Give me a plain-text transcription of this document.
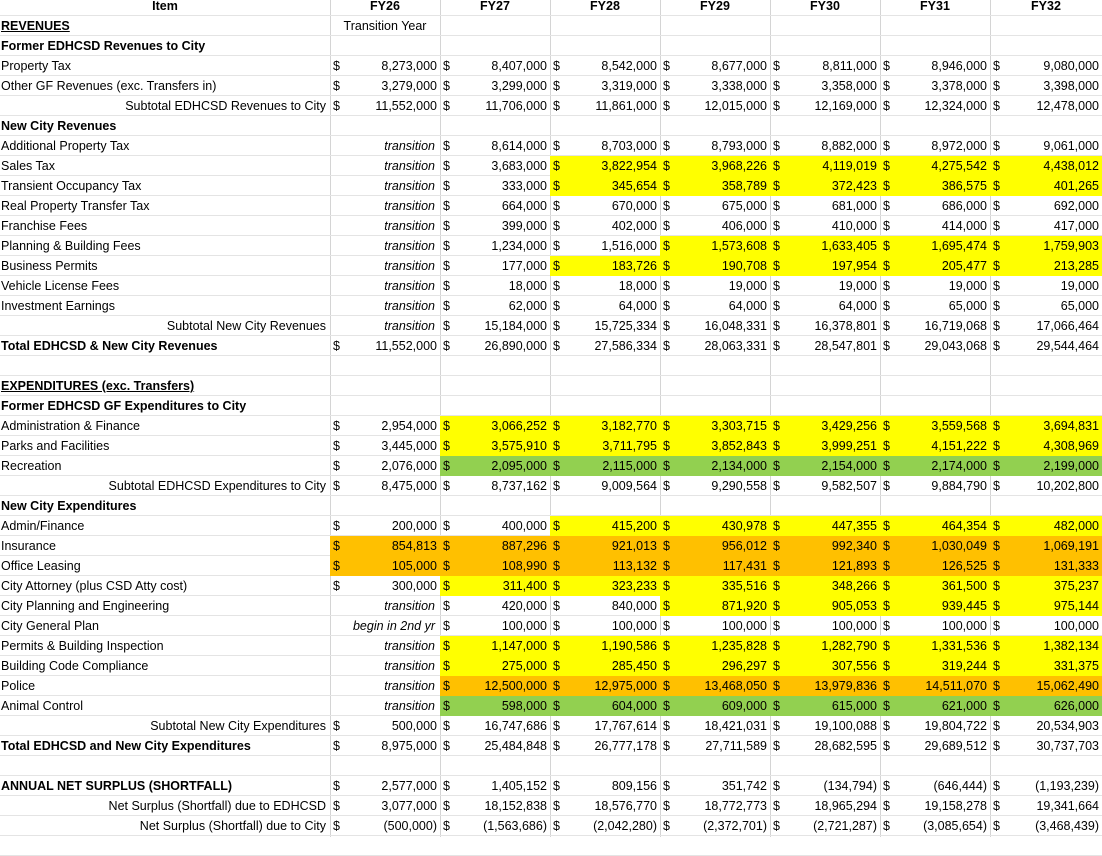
Item	FY26	FY27	FY28	FY29	FY30	FY31	FY32
REVENUES	Transition Year
Former EDHCSD Revenues to City
Property Tax	$	8,273,000 $	8,407,000 $	8,542,000 $	8,677,000 $	8,811,000 $	8,946,000 $	9,080,000
Other GF Revenues (exc. Transfers in)	$	3,279,000 $	3,299,000 $	3,319,000 $	3,338,000 $	3,358,000 $	3,378,000 $	3,398,000
Subtotal EDHCSD Revenues to City $	11,552,000 $	11,706,000 $	11,861,000 $	12,015,000 $	12,169,000 $	12,324,000 $	12,478,000
New City Revenues
Additional Property Tax	transition $	8,614,000 $	8,703,000 $	8,793,000 $	8,882,000 $	8,972,000 $	9,061,000
Sales Tax	transition $	3,683,000 $	3,822,954 $	3,968,226 $	4,119,019 $	4,275,542 $	4,438,012
Transient Occupancy Tax	transition $	333,000 $	345,654 $	358,789 $	372,423 $	386,575 $	401,265
Real Property Transfer Tax	transition $	664,000 $	670,000 $	675,000 $	681,000 $	686,000 $	692,000
Franchise Fees	transition $	399,000 $	402,000 $	406,000 $	410,000 $	414,000 $	417,000
Planning & Building Fees	transition $	1,234,000 $	1,516,000 $	1,573,608 $	1,633,405 $	1,695,474 $	1,759,903
Business Permits	transition $	177,000 $	183,726 $	190,708 $	197,954 $	205,477 $	213,285
Vehicle License Fees	transition $	18,000 $	18,000 $	19,000 $	19,000 $	19,000 $	19,000
Investment Earnings	transition $	62,000 $	64,000 $	64,000 $	64,000 $	65,000 $	65,000
Subtotal New City Revenues	transition $	15,184,000 $	15,725,334 $	16,048,331 $	16,378,801 $	16,719,068 $	17,066,464
Total EDHCSD & New City Revenues	$	11,552,000 $	26,890,000 $	27,586,334 $	28,063,331 $	28,547,801 $	29,043,068 $	29,544,464
EXPENDITURES (exc. Transfers)
Former EDHCSD GF Expenditures to City
Administration & Finance	$	2,954,000 $	3,066,252 $	3,182,770 $	3,303,715 $	3,429,256 $	3,559,568 $	3,694,831
Parks and Facilities	$	3,445,000 $	3,575,910 $	3,711,795 $	3,852,843 $	3,999,251 $	4,151,222 $	4,308,969
Recreation	$	2,076,000 $	2,095,000 $	2,115,000 $	2,134,000 $	2,154,000 $	2,174,000 $	2,199,000
Subtotal EDHCSD Expenditures to City $	8,475,000 $	8,737,162 $	9,009,564 $	9,290,558 $	9,582,507 $	9,884,790 $	10,202,800
New City Expenditures
Admin/Finance	$	200,000 $	400,000 $	415,200 $	430,978 $	447,355 $	464,354 $	482,000
Insurance	$	854,813 $	887,296 $	921,013 $	956,012 $	992,340 $	1,030,049 $	1,069,191
Office Leasing	$	105,000 $	108,990 $	113,132 $	117,431 $	121,893 $	126,525 $	131,333
City Attorney (plus CSD Atty cost)	$	300,000 $	311,400 $	323,233 $	335,516 $	348,266 $	361,500 $	375,237
City Planning and Engineering	transition $	420,000 $	840,000 $	871,920 $	905,053 $	939,445 $	975,144
City General Plan	begin in 2nd yr $	100,000 $	100,000 $	100,000 $	100,000 $	100,000 $	100,000
Permits & Building Inspection	transition $	1,147,000 $	1,190,586 $	1,235,828 $	1,282,790 $	1,331,536 $	1,382,134
Building Code Compliance	transition $	275,000 $	285,450 $	296,297 $	307,556 $	319,244 $	331,375
Police	transition $	12,500,000 $	12,975,000 $	13,468,050 $	13,979,836 $	14,511,070 $	15,062,490
Animal Control	transition $	598,000 $	604,000 $	609,000 $	615,000 $	621,000 $	626,000
Subtotal New City Expenditures $	500,000 $	16,747,686 $	17,767,614 $	18,421,031 $	19,100,088 $	19,804,722 $	20,534,903
Total EDHCSD and New City Expenditures	$	8,975,000 $	25,484,848 $	26,777,178 $	27,711,589 $	28,682,595 $	29,689,512 $	30,737,703
ANNUAL NET SURPLUS (SHORTFALL)	$	2,577,000 $	1,405,152 $	809,156 $	351,742 $	(134,794) $	(646,444) $	(1,193,239)
Net Surplus (Shortfall) due to EDHCSD $	3,077,000 $	18,152,838 $	18,576,770 $	18,772,773 $	18,965,294 $	19,158,278 $	19,341,664
Net Surplus (Shortfall) due to City $	(500,000) $	(1,563,686) $	(2,042,280) $	(2,372,701) $	(2,721,287) $	(3,085,654) $	(3,468,439)
